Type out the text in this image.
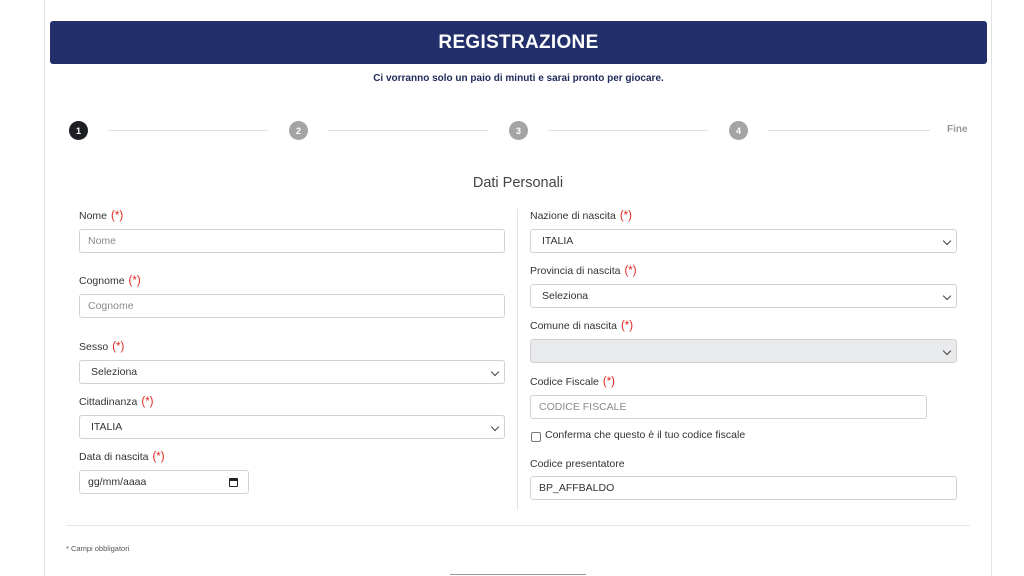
REGISTRAZIONE
Ci vorranno solo un paio di minuti e sarai pronto per giocare.
1	2	3	4	Fine
Dati Personali
Nome (*)
Nome
Cognome (*)
Cognome
Sesso (*)
Seleziona
Cittadinanza (*)
ITALIA
Data di nascita (*)
gg/mm/aaaa
Nazione di nascita (*)
ITALIA
Provincia di nascita (*)
Seleziona
Comune di nascita (*)
Codice Fiscale (*)
CODICE FISCALE
Conferma che questo è il tuo codice fiscale
Codice presentatore
BP_AFFBALDO
* Campi obbligatori
